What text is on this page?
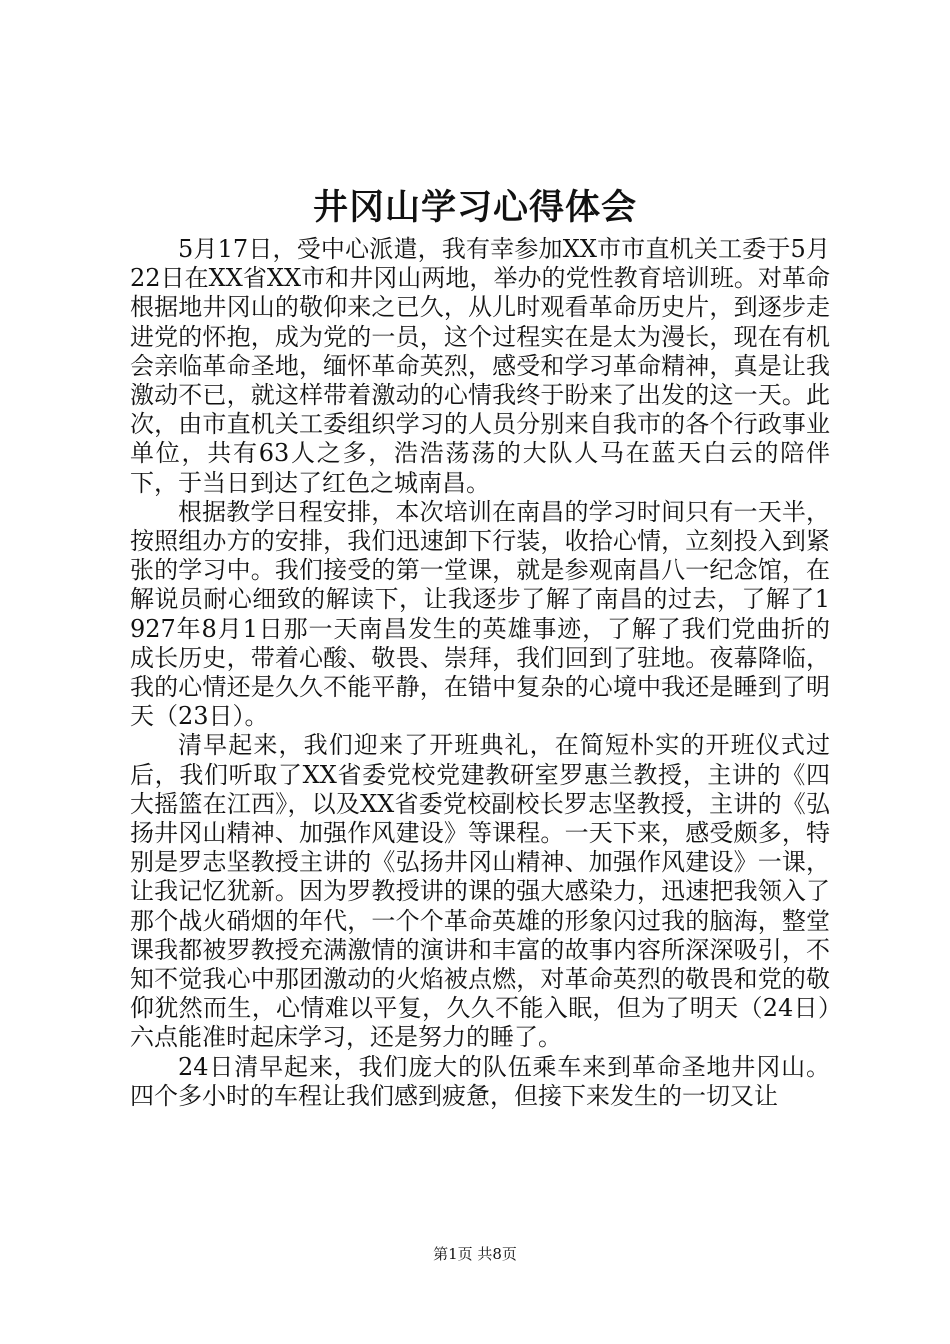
井冈山学习心得体会

5月17日，受中心派遣，我有幸参加XX市市直机关工委于5月22日在XX省XX市和井冈山两地，举办的党性教育培训班。对革命根据地井冈山的敬仰来之已久，从儿时观看革命历史片，到逐步走进党的怀抱，成为党的一员，这个过程实在是太为漫长，现在有机会亲临革命圣地，缅怀革命英烈，感受和学习革命精神，真是让我激动不已，就这样带着激动的心情我终于盼来了出发的这一天。此次，由市直机关工委组织学习的人员分别来自我市的各个行政事业单位，共有63人之多，浩浩荡荡的大队人马在蓝天白云的陪伴下，于当日到达了红色之城南昌。

根据教学日程安排，本次培训在南昌的学习时间只有一天半，按照组办方的安排，我们迅速卸下行装，收拾心情，立刻投入到紧张的学习中。我们接受的第一堂课，就是参观南昌八一纪念馆，在解说员耐心细致的解读下，让我逐步了解了南昌的过去，了解了1927年8月1日那一天南昌发生的英雄事迹，了解了我们党曲折的成长历史，带着心酸、敬畏、崇拜，我们回到了驻地。夜幕降临，我的心情还是久久不能平静，在错中复杂的心境中我还是睡到了明天（23日）。

清早起来，我们迎来了开班典礼，在简短朴实的开班仪式过后，我们听取了XX省委党校党建教研室罗惠兰教授，主讲的《四大摇篮在江西》，以及XX省委党校副校长罗志坚教授，主讲的《弘扬井冈山精神、加强作风建设》等课程。一天下来，感受颇多，特别是罗志坚教授主讲的《弘扬井冈山精神、加强作风建设》一课，让我记忆犹新。因为罗教授讲的课的强大感染力，迅速把我领入了那个战火硝烟的年代，一个个革命英雄的形象闪过我的脑海，整堂课我都被罗教授充满激情的演讲和丰富的故事内容所深深吸引，不知不觉我心中那团激动的火焰被点燃，对革命英烈的敬畏和党的敬仰犹然而生，心情难以平复，久久不能入眠，但为了明天（24日）六点能准时起床学习，还是努力的睡了。

24日清早起来，我们庞大的队伍乘车来到革命圣地井冈山。四个多小时的车程让我们感到疲惫，但接下来发生的一切又让

第1页 共8页
